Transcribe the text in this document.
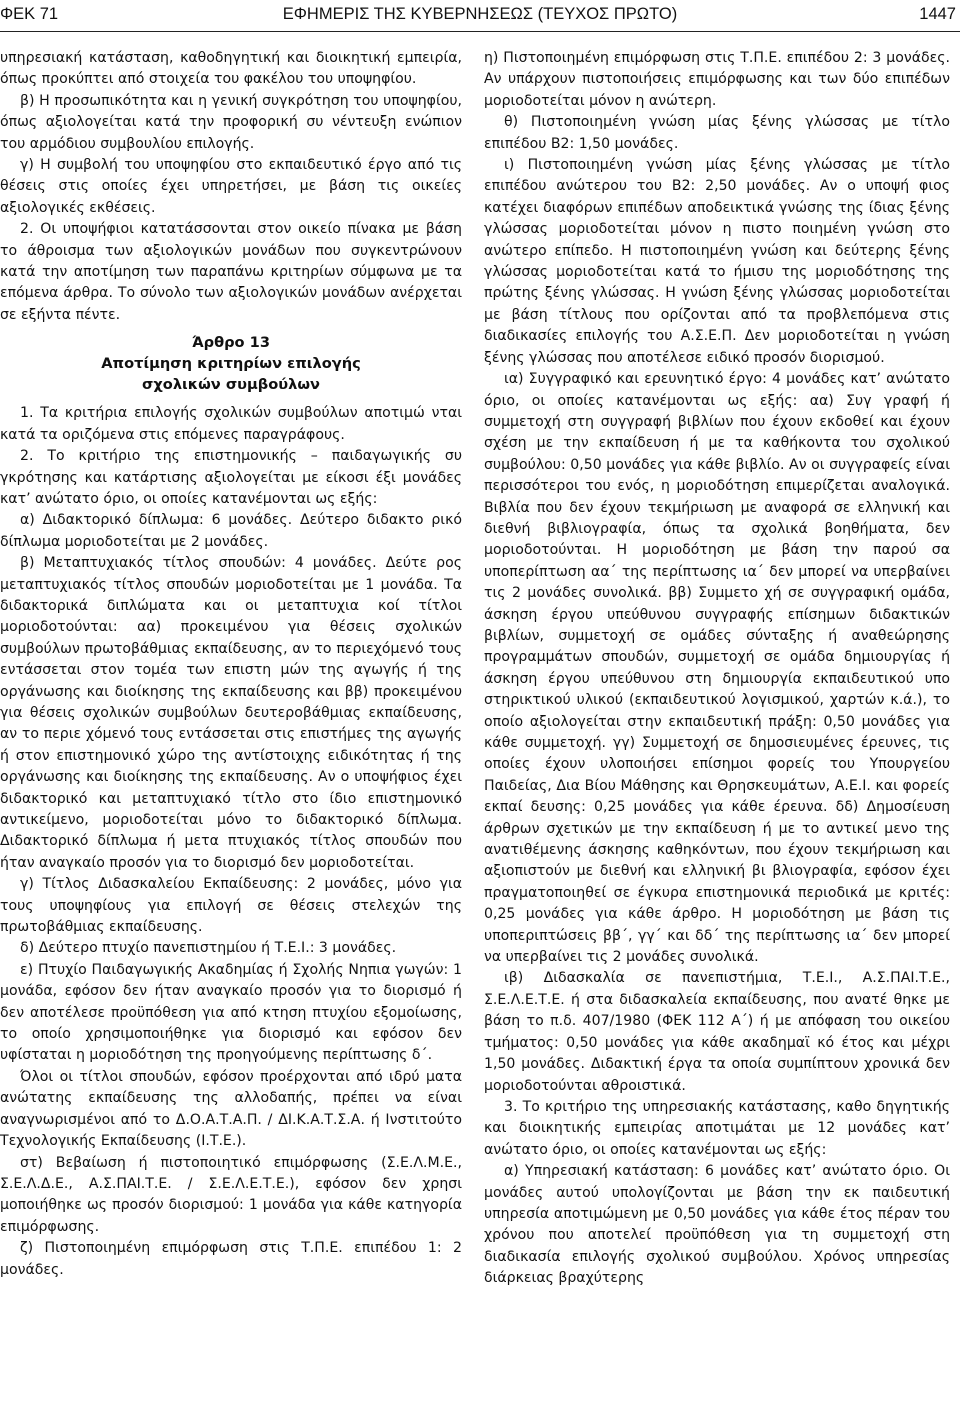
ΦΕΚ 71	ΕΦΗΜΕΡΙΣ ΤΗΣ ΚΥΒΕΡΝΗΣΕΩΣ (ΤΕΥΧΟΣ ΠΡΩΤΟ)	1447

υπηρεσιακή κατάσταση, καθοδηγητική και διοικητική εμπειρία, όπως προκύπτει από στοιχεία του φακέλου του υποψηφίου.

β) Η προσωπικότητα και η γενική συγκρότηση του υποψηφίου, όπως αξιολογείται κατά την προφορική συ νέντευξη ενώπιον του αρμόδιου συμβουλίου επιλογής.

γ) Η συμβολή του υποψηφίου στο εκπαιδευτικό έργο από τις θέσεις στις οποίες έχει υπηρετήσει, με βάση τις οικείες αξιολογικές εκθέσεις.

2. Οι υποψήφιοι κατατάσσονται στον οικείο πίνακα με βάση το άθροισμα των αξιολογικών μονάδων που συγκεντρώνουν κατά την αποτίμηση των παραπάνω κριτηρίων σύμφωνα με τα επόμενα άρθρα. Το σύνολο των αξιολογικών μονάδων ανέρχεται σε εξήντα πέντε.

Άρθρο 13
Αποτίμηση κριτηρίων επιλογής
σχολικών συμβούλων

1. Τα κριτήρια επιλογής σχολικών συμβούλων αποτιμώ νται κατά τα οριζόμενα στις επόμενες παραγράφους.

2. Το κριτήριο της επιστημονικής – παιδαγωγικής συ γκρότησης και κατάρτισης αξιολογείται με είκοσι έξι μονάδες κατ’ ανώτατο όριο, οι οποίες κατανέμονται ως εξής:

α) Διδακτορικό δίπλωμα: 6 μονάδες. Δεύτερο διδακτο ρικό δίπλωμα μοριοδοτείται με 2 μονάδες.

β) Μεταπτυχιακός τίτλος σπουδών: 4 μονάδες. Δεύτε ρος μεταπτυχιακός τίτλος σπουδών μοριοδοτείται με 1 μονάδα. Τα διδακτορικά διπλώματα και οι μεταπτυχια κοί τίτλοι μοριοδοτούνται: αα) προκειμένου για θέσεις σχολικών συμβούλων πρωτοβάθμιας εκπαίδευσης, αν το περιεχόμενό τους εντάσσεται στον τομέα των επιστη μών της αγωγής ή της οργάνωσης και διοίκησης της εκπαίδευσης και ββ) προκειμένου για θέσεις σχολικών συμβούλων δευτεροβάθμιας εκπαίδευσης, αν το περιε χόμενό τους εντάσσεται στις επιστήμες της αγωγής ή στον επιστημονικό χώρο της αντίστοιχης ειδικότητας ή της οργάνωσης και διοίκησης της εκπαίδευσης. Αν ο υποψήφιος έχει διδακτορικό και μεταπτυχιακό τίτλο στο ίδιο επιστημονικό αντικείμενο, μοριοδοτείται μόνο το διδακτορικό δίπλωμα. Διδακτορικό δίπλωμα ή μετα πτυχιακός τίτλος σπουδών που ήταν αναγκαίο προσόν για το διορισμό δεν μοριοδοτείται.

γ) Τίτλος Διδασκαλείου Εκπαίδευσης: 2 μονάδες, μόνο για τους υποψηφίους για επιλογή σε θέσεις στελεχών της πρωτοβάθμιας εκπαίδευσης.

δ) Δεύτερο πτυχίο πανεπιστημίου ή Τ.Ε.Ι.: 3 μονάδες.

ε) Πτυχίο Παιδαγωγικής Ακαδημίας ή Σχολής Νηπια γωγών: 1 μονάδα, εφόσον δεν ήταν αναγκαίο προσόν για το διορισμό ή δεν αποτέλεσε προϋπόθεση για από κτηση πτυχίου εξομοίωσης, το οποίο χρησιμοποιήθηκε για διορισμό και εφόσον δεν υφίσταται η μοριοδότηση της προηγούμενης περίπτωσης δ΄.

Όλοι οι τίτλοι σπουδών, εφόσον προέρχονται από ιδρύ ματα ανώτατης εκπαίδευσης της αλλοδαπής, πρέπει να είναι αναγνωρισμένοι από το Δ.Ο.Α.Τ.Α.Π. / ΔΙ.Κ.Α.Τ.Σ.Α. ή Ινστιτούτο Τεχνολογικής Εκπαίδευσης (Ι.Τ.Ε.).

στ) Βεβαίωση ή πιστοποιητικό επιμόρφωσης (Σ.Ε.Λ.Μ.Ε., Σ.Ε.Λ.Δ.Ε., Α.Σ.ΠΑΙ.Τ.Ε. / Σ.Ε.Λ.Ε.Τ.Ε.), εφόσον δεν χρησι μοποιήθηκε ως προσόν διορισμού: 1 μονάδα για κάθε κατηγορία επιμόρφωσης.

ζ) Πιστοποιημένη επιμόρφωση στις Τ.Π.Ε. επιπέδου 1: 2 μονάδες.

η) Πιστοποιημένη επιμόρφωση στις Τ.Π.Ε. επιπέδου 2: 3 μονάδες. Αν υπάρχουν πιστοποιήσεις επιμόρφωσης και των δύο επιπέδων μοριοδοτείται μόνον η ανώτερη.

θ) Πιστοποιημένη γνώση μίας ξένης γλώσσας με τίτλο επιπέδου Β2: 1,50 μονάδες.

ι) Πιστοποιημένη γνώση μίας ξένης γλώσσας με τίτλο επιπέδου ανώτερου του Β2: 2,50 μονάδες. Αν ο υποψή φιος κατέχει διαφόρων επιπέδων αποδεικτικά γνώσης της ίδιας ξένης γλώσσας μοριοδοτείται μόνον η πιστο ποιημένη γνώση στο ανώτερο επίπεδο. Η πιστοποιημένη γνώση και δεύτερης ξένης γλώσσας μοριοδοτείται κατά το ήμισυ της μοριοδότησης της πρώτης ξένης γλώσσας. Η γνώση ξένης γλώσσας μοριοδοτείται με βάση τίτλους που ορίζονται από τα προβλεπόμενα στις διαδικασίες επιλογής του Α.Σ.Ε.Π. Δεν μοριοδοτείται η γνώση ξένης γλώσσας που αποτέλεσε ειδικό προσόν διορισμού.

ια) Συγγραφικό και ερευνητικό έργο: 4 μονάδες κατ’ ανώτατο όριο, οι οποίες κατανέμονται ως εξής: αα) Συγ γραφή ή συμμετοχή στη συγγραφή βιβλίων που έχουν εκδοθεί και έχουν σχέση με την εκπαίδευση ή με τα καθήκοντα του σχολικού συμβούλου: 0,50 μονάδες για κάθε βιβλίο. Αν οι συγγραφείς είναι περισσότεροι του ενός, η μοριοδότηση επιμερίζεται αναλογικά. Βιβλία που δεν έχουν τεκμήριωση με αναφορά σε ελληνική και διεθνή βιβλιογραφία, όπως τα σχολικά βοηθήματα, δεν μοριοδοτούνται. Η μοριοδότηση με βάση την παρού σα υποπερίπτωση αα΄ της περίπτωσης ια΄ δεν μπορεί να υπερβαίνει τις 2 μονάδες συνολικά. ββ) Συμμετο χή σε συγγραφική ομάδα, άσκηση έργου υπεύθυνου συγγραφής επίσημων διδακτικών βιβλίων, συμμετοχή σε ομάδες σύνταξης ή αναθεώρησης προγραμμάτων σπουδών, συμμετοχή σε ομάδα δημιουργίας ή άσκηση έργου υπεύθυνου στη δημιουργία εκπαιδευτικού υπο στηρικτικού υλικού (εκπαιδευτικού λογισμικού, χαρτών κ.ά.), το οποίο αξιολογείται στην εκπαιδευτική πράξη: 0,50 μονάδες για κάθε συμμετοχή. γγ) Συμμετοχή σε δημοσιευμένες έρευνες, τις οποίες έχουν υλοποιήσει επίσημοι φορείς του Υπουργείου Παιδείας, Δια Βίου Μάθησης και Θρησκευμάτων, Α.Ε.Ι. και φορείς εκπαί δευσης: 0,25 μονάδες για κάθε έρευνα. δδ) Δημοσίευση άρθρων σχετικών με την εκπαίδευση ή με το αντικεί μενο της ανατιθέμενης άσκησης καθηκόντων, που έχουν τεκμήριωση και αξιοπιστούν με διεθνή και ελληνική βι βλιογραφία, εφόσον έχει πραγματοποιηθεί σε έγκυρα επιστημονικά περιοδικά με κριτές: 0,25 μονάδες για κάθε άρθρο. Η μοριοδότηση με βάση τις υποπεριπτώσεις ββ΄, γγ΄ και δδ΄ της περίπτωσης ια΄ δεν μπορεί να υπερβαίνει τις 2 μονάδες συνολικά.

ιβ) Διδασκαλία σε πανεπιστήμια, Τ.Ε.Ι., Α.Σ.ΠΑΙ.Τ.Ε., Σ.Ε.Λ.Ε.Τ.Ε. ή στα διδασκαλεία εκπαίδευσης, που ανατέ θηκε με βάση το π.δ. 407/1980 (ΦΕΚ 112 Α΄) ή με απόφαση του οικείου τμήματος: 0,50 μονάδες για κάθε ακαδημαϊ κό έτος και μέχρι 1,50 μονάδες. Διδακτική έργα τα οποία συμπίπτουν χρονικά δεν μοριοδοτούνται αθροιστικά.

3. Το κριτήριο της υπηρεσιακής κατάστασης, καθο δηγητικής και διοικητικής εμπειρίας αποτιμάται με 12 μονάδες κατ’ ανώτατο όριο, οι οποίες κατανέμονται ως εξής:

α) Υπηρεσιακή κατάσταση: 6 μονάδες κατ’ ανώτατο όριο. Οι μονάδες αυτού υπολογίζονται με βάση την εκ παιδευτική υπηρεσία αποτιμώμενη με 0,50 μονάδες για κάθε έτος πέραν του χρόνου που αποτελεί προϋπόθεση για τη συμμετοχή στη διαδικασία επιλογής σχολικού συμβούλου. Χρόνος υπηρεσίας διάρκειας βραχύτερης
